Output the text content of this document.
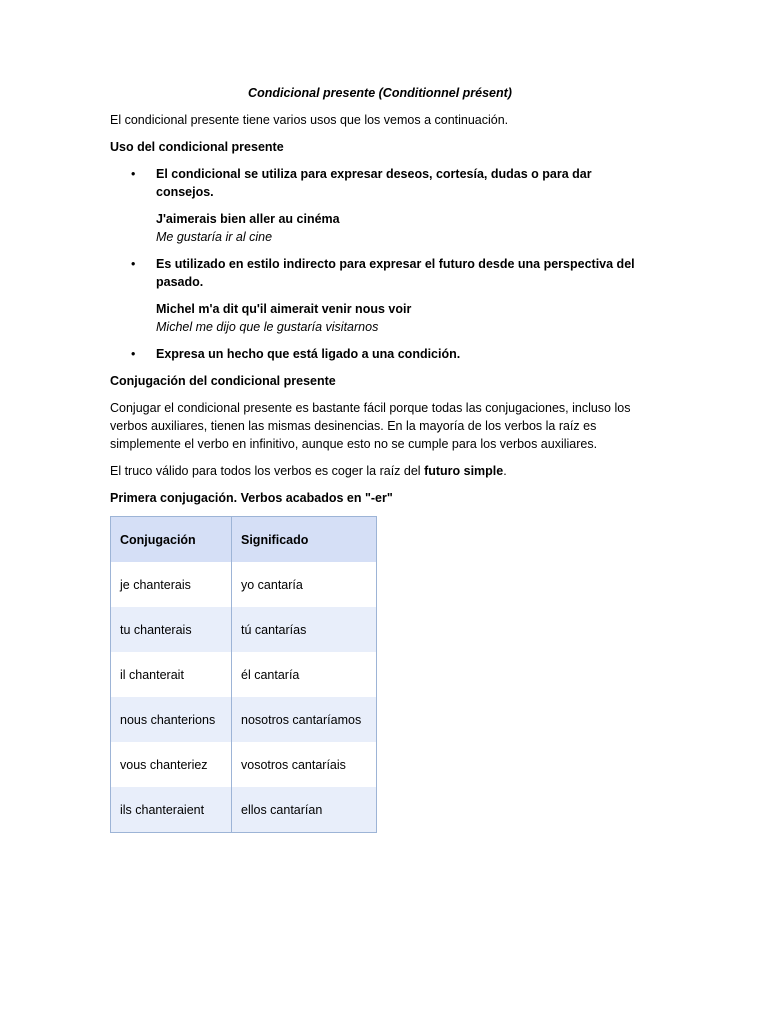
Condicional presente (Conditionnel présent)
El condicional presente tiene varios usos que los vemos a continuación.
Uso del condicional presente
• El condicional se utiliza para expresar deseos, cortesía, dudas o para dar consejos.
J'aimerais bien aller au cinéma
Me gustaría ir al cine
• Es utilizado en estilo indirecto para expresar el futuro desde una perspectiva del pasado.
Michel m'a dit qu'il aimerait venir nous voir
Michel me dijo que le gustaría visitarnos
• Expresa un hecho que está ligado a una condición.
Conjugación del condicional presente
Conjugar el condicional presente es bastante fácil porque todas las conjugaciones, incluso los verbos auxiliares, tienen las mismas desinencias. En la mayoría de los verbos la raíz es simplemente el verbo en infinitivo, aunque esto no se cumple para los verbos auxiliares.
El truco válido para todos los verbos es coger la raíz del futuro simple.
Primera conjugación. Verbos acabados en "-er"
Conjugación	Significado
je chanterais	yo cantaría
tu chanterais	tú cantarías
il chanterait	él cantaría
nous chanterions	nosotros cantaríamos
vous chanteriez	vosotros cantaríais
ils chanteraient	ellos cantarían
